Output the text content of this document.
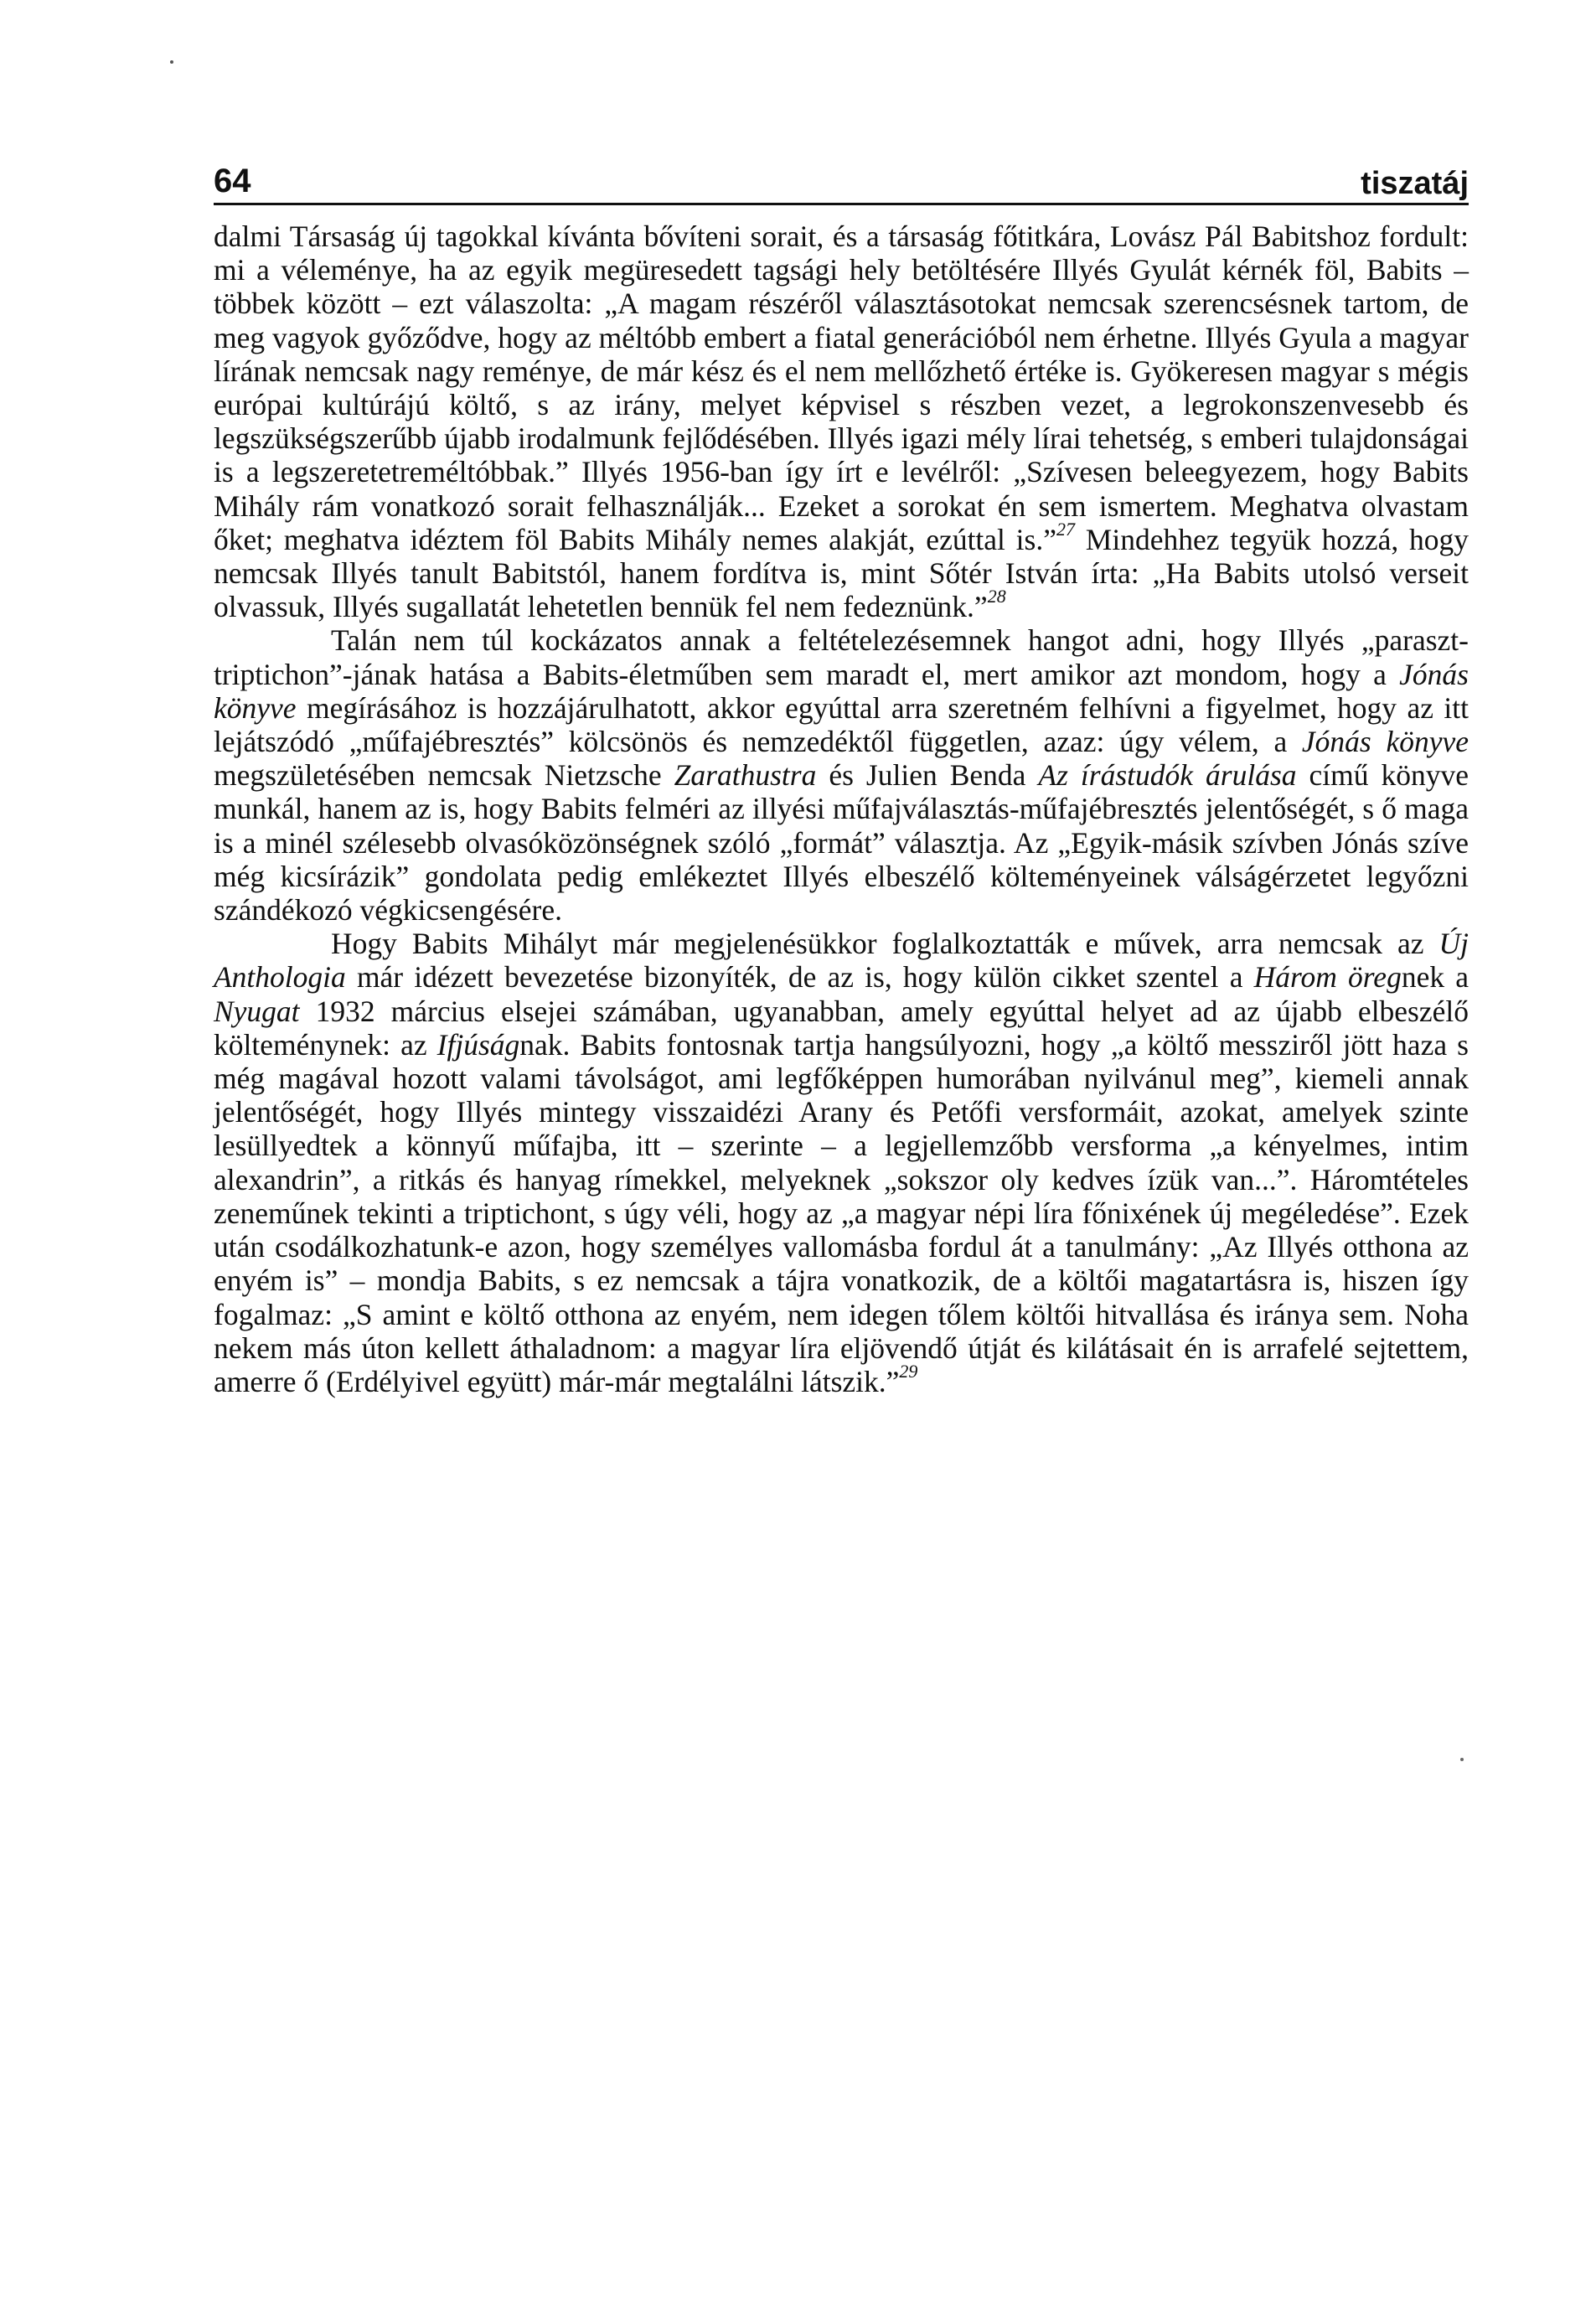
64	tiszatáj

dalmi Társaság új tagokkal kívánta bővíteni sorait, és a társaság főtitkára, Lovász Pál Babitshoz fordult: mi a véleménye, ha az egyik megüresedett tagsági hely betöltésére Illyés Gyulát kérnék föl, Babits – többek között – ezt válaszolta: „A magam részéről választásotokat nemcsak szerencsésnek tartom, de meg vagyok győződve, hogy az méltóbb embert a fiatal generációból nem érhetne. Illyés Gyula a magyar lírának nemcsak nagy reménye, de már kész és el nem mellőzhető értéke is. Gyökeresen magyar s mégis európai kultúrájú költő, s az irány, melyet képvisel s részben vezet, a legrokonszenvesebb és legszükségszerűbb újabb irodalmunk fejlődésében. Illyés igazi mély lírai tehetség, s emberi tulajdonságai is a legszeretetreméltóbbak.” Illyés 1956-ban így írt e levélről: „Szívesen beleegyezem, hogy Babits Mihály rám vonatkozó sorait felhasználják... Ezeket a sorokat én sem ismertem. Meghatva olvastam őket; meghatva idéztem föl Babits Mihály nemes alakját, ezúttal is.”$^{27}$ Mindehhez tegyük hozzá, hogy nemcsak Illyés tanult Babitstól, hanem fordítva is, mint Sőtér István írta: „Ha Babits utolsó verseit olvassuk, Illyés sugallatát lehetetlen bennük fel nem fedeznünk.”$^{28}$

Talán nem túl kockázatos annak a feltételezésemnek hangot adni, hogy Illyés „paraszt-triptichon”-jának hatása a Babits-életműben sem maradt el, mert amikor azt mondom, hogy a Jónás könyve megírásához is hozzájárulhatott, akkor egyúttal arra szeretném felhívni a figyelmet, hogy az itt lejátszódó „műfajébresztés” kölcsönös és nemzedéktől független, azaz: úgy vélem, a Jónás könyve megszületésében nemcsak Nietzsche Zarathustra és Julien Benda Az írástudók árulása című könyve munkál, hanem az is, hogy Babits felméri az illyési műfajválasztás-műfajébresztés jelentőségét, s ő maga is a minél szélesebb olvasóközönségnek szóló „formát” választja. Az „Egyik-másik szívben Jónás szíve még kicsírázik” gondolata pedig emlékeztet Illyés elbeszélő költeményeinek válságérzetet legyőzni szándékozó végkicsengésére.

Hogy Babits Mihályt már megjelenésükkor foglalkoztatták e művek, arra nemcsak az Új Anthologia már idézett bevezetése bizonyíték, de az is, hogy külön cikket szentel a Három öregnek a Nyugat 1932 március elsejei számában, ugyanabban, amely egyúttal helyet ad az újabb elbeszélő költeménynek: az Ifjúságnak. Babits fontosnak tartja hangsúlyozni, hogy „a költő messziről jött haza s még magával hozott valami távolságot, ami legfőképpen humorában nyilvánul meg”, kiemeli annak jelentőségét, hogy Illyés mintegy visszaidézi Arany és Petőfi versformáit, azokat, amelyek szinte lesüllyedtek a könnyű műfajba, itt – szerinte – a legjellemzőbb versforma „a kényelmes, intim alexandrin”, a ritkás és hanyag rímekkel, melyeknek „sokszor oly kedves ízük van...”. Háromtételes zeneműnek tekinti a triptichont, s úgy véli, hogy az „a magyar népi líra főnixének új megéledése”. Ezek után csodálkozhatunk-e azon, hogy személyes vallomásba fordul át a tanulmány: „Az Illyés otthona az enyém is” – mondja Babits, s ez nemcsak a tájra vonatkozik, de a költői magatartásra is, hiszen így fogalmaz: „S amint e költő otthona az enyém, nem idegen tőlem költői hitvallása és iránya sem. Noha nekem más úton kellett áthaladnom: a magyar líra eljövendő útját és kilátásait én is arrafelé sejtettem, amerre ő (Erdélyivel együtt) már-már megtalálni látszik.”$^{29}$
